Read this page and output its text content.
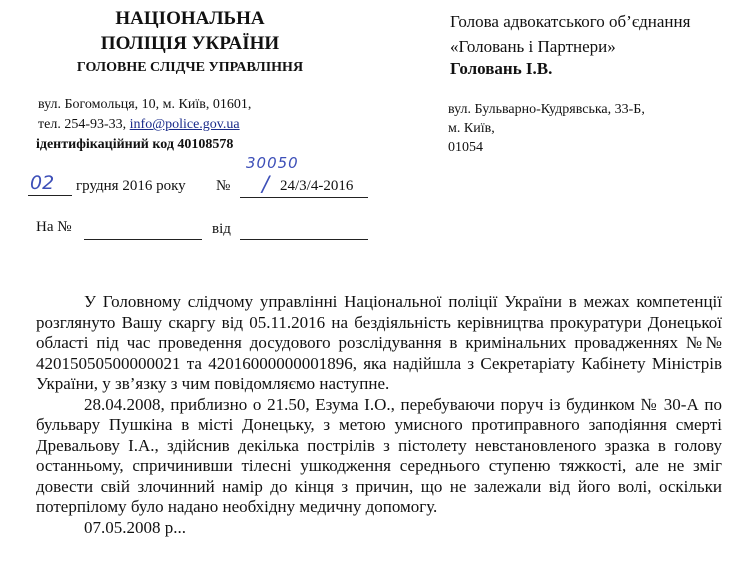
НАЦІОНАЛЬНА
ПОЛІЦІЯ УКРАЇНИ
ГОЛОВНЕ СЛІДЧЕ УПРАВЛІННЯ
вул. Богомольця, 10, м. Київ, 01601,
тел. 254-93-33, info@police.gov.ua
ідентифікаційний код 40108578
Голова адвокатського об’єднання
«Головань і Партнери»
Головань І.В.
вул. Бульварно-Кудрявська, 33-Б,
м. Київ,
01054
02 грудня 2016 року №
30050
/ 24/3/4-2016
На №	від

У Головному слідчому управлінні Національної поліції України в межах компетенції розглянуто Вашу скаргу від 05.11.2016 на бездіяльність керівництва прокуратури Донецької області під час проведення досудового розслідування в кримінальних провадженнях №№ 42015050500000021 та 42016000000001896, яка надійшла з Секретаріату Кабінету Міністрів України, у зв’язку з чим повідомляємо наступне.

28.04.2008, приблизно о 21.50, Езума І.О., перебуваючи поруч із будинком № 30-А по бульвару Пушкіна в місті Донецьку, з метою умисного протиправного заподіяння смерті Древальову І.А., здійснив декілька пострілів з пістолету невстановленого зразка в голову останньому, спричинивши тілесні ушкодження середнього ступеню тяжкості, але не зміг довести свій злочинний намір до кінця з причин, що не залежали від його волі, оскільки потерпілому було надано необхідну медичну допомогу.

07.05.2008 р...
